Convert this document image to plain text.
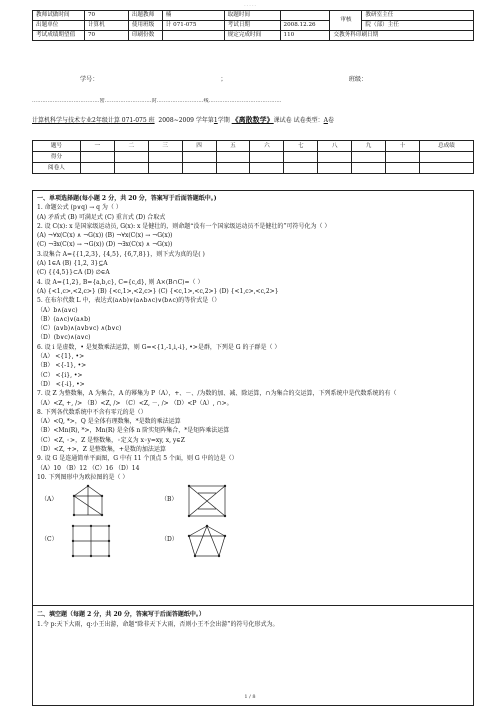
- - - - -
教师试做时间	70	出题教师	楠	取题时间		审核	教研室主任
出题单位	计算机	使用班级	计 071-075	考试日期	2008.12.26		院（部）主任
考试成绩期望值	70	印刷份数		规定完成时间	110	交教务科印刷日期	
学号：	；	班级：
…………………………………密………………………封………………………线……………………………………
计算机科学与技术专业2年级计算 071-075 班 2008~2009 学年第1学期 《离散数学》课试卷 试卷类型：A卷
题号	一	二	三	四	五	六	七	八	九	十	总成绩
得分											
阅卷人											
一、单项选择题(每小题 2 分，共 20 分，答案写于后面答题纸中。)
1. 命题公式 (p∨q) → q 为（ ）
(A) 矛盾式 (B) 可满足式 (C) 重言式 (D) 合取式
2. 设 C(x): x 是国家级运动员, G(x): x 是健壮的，则命题“没有一个国家级运动员不是健壮的”可符号化为（ ）
(A) ¬∀x(C(x) ∧ ¬G(x)) (B) ¬∀x(C(x) → ¬G(x))
(C) ¬∃x(C(x) → ¬G(x)) (D) ¬∃x(C(x) ∧ ¬G(x))
3.设集合 A={{1,2,3}, {4,5}, {6,7,8}}，则下式为真的是( )
(A) 1∈A (B) {1,2, 3}⊆A
(C) {{4,5}}⊂A (D) ∅∈A
4. 设 A={1,2}, B={a,b,c}, C={c,d}, 则 A×(B∩C)=（ ）
(A) {<1,c>,<2,c>} (B) {<c,1>,<2,c>} (C) {<c,1>,<c,2>} (D) {<1,c>,<c,2>}
5. 在布尔代数 L 中，表达式(a∧b)∨(a∧b∧c)∨(b∧c)的等价式是（）
（A）b∧(a∨c)
（B）(a∧c)∨(a∧b)
（C）(a∨b)∧(a∨b∨c) ∧(b∨c)
（D）(b∨c)∧(a∨c)
6. 设 i 是虚数，• 是复数乘法运算，则 G=<{1,-1,i,-i}, •>是群，下列是 G 的子群是（ ）
（A） <{1}, •>
（B） <{-1}, •>
（C） <{i}, •>
（D） <{-i}, •>
7. 设 Z 为整数集，A 为集合，A 的幂集为 P（A），+、－、/为数的加、减、除运算，∩为集合的交运算，下列系统中是代数系统的有（
（A）<Z, +, /> （B）<Z, /> （C）<Z, －, /> （D）<P（A）, ∩>。
8. 下列各代数系统中不含有零元的是（）
（A）<Q, *>，Q 是全体有理数集，*是数的乘法运算
（B）<Mn(R), *>，Mn(R) 是全体 n 阶实矩阵集合，*是矩阵乘法运算
（C）<Z, ◦>，Z 是整数集，◦定义为 x◦y=xy, x, y∈Z
（D）<Z, +>，Z 是整数集，+是数的加法运算
9. 设 G 是连通简单平面图，G 中有 11 个顶点 5 个面，则 G 中的边是（）
（A）10 （B）12 （C）16 （D）14
10. 下列图形中为欧拉图的是（ ）
（A）	（B）
（C）	（D）
二、填空题（每题 2 分，共 20 分，答案写于后面答题纸中。）
1.令 p:天下大雨，q:小王出游，命题“除非天下大雨，否则小王不会出游”的符号化形式为。
1 / 8
